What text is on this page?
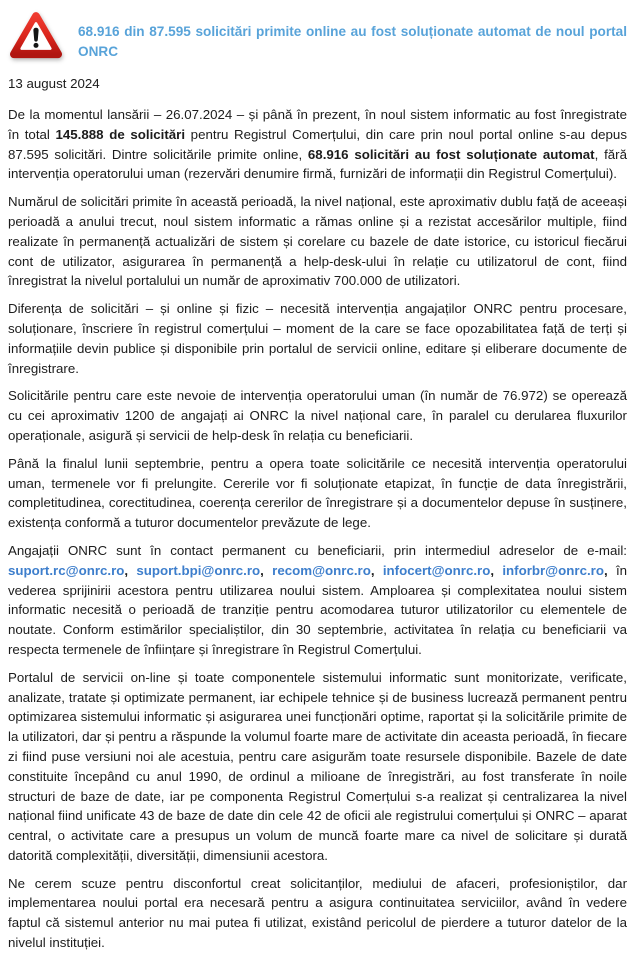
68.916 din 87.595 solicitări primite online au fost soluționate automat de noul portal ONRC
13 august 2024

De la momentul lansării – 26.07.2024 – și până în prezent, în noul sistem informatic au fost înregistrate în total 145.888 de solicitări pentru Registrul Comerțului, din care prin noul portal online s-au depus 87.595 solicitări. Dintre solicitările primite online, 68.916 solicitări au fost soluționate automat, fără intervenția operatorului uman (rezervări denumire firmă, furnizări de informații din Registrul Comerțului).

Numărul de solicitări primite în această perioadă, la nivel național, este aproximativ dublu față de aceeași perioadă a anului trecut, noul sistem informatic a rămas online și a rezistat accesărilor multiple, fiind realizate în permanență actualizări de sistem și corelare cu bazele de date istorice, cu istoricul fiecărui cont de utilizator, asigurarea în permanență a help-desk-ului în relație cu utilizatorul de cont, fiind înregistrat la nivelul portalului un număr de aproximativ 700.000 de utilizatori.

Diferența de solicitări – și online și fizic – necesită intervenția angajaților ONRC pentru procesare, soluționare, înscriere în registrul comerțului – moment de la care se face opozabilitatea față de terți și informațiile devin publice și disponibile prin portalul de servicii online, editare și eliberare documente de înregistrare.

Solicitările pentru care este nevoie de intervenția operatorului uman (în număr de 76.972) se operează cu cei aproximativ 1200 de angajați ai ONRC la nivel național care, în paralel cu derularea fluxurilor operaționale, asigură și servicii de help-desk în relația cu beneficiarii.

Până la finalul lunii septembrie, pentru a opera toate solicitările ce necesită intervenția operatorului uman, termenele vor fi prelungite. Cererile vor fi soluționate etapizat, în funcție de data înregistrării, completitudinea, corectitudinea, coerența cererilor de înregistrare și a documentelor depuse în susținere, existența conformă a tuturor documentelor prevăzute de lege.

Angajații ONRC sunt în contact permanent cu beneficiarii, prin intermediul adreselor de e-mail: suport.rc@onrc.ro, suport.bpi@onrc.ro, recom@onrc.ro, infocert@onrc.ro, inforbr@onrc.ro, în vederea sprijinirii acestora pentru utilizarea noului sistem. Amploarea și complexitatea noului sistem informatic necesită o perioadă de tranziție pentru acomodarea tuturor utilizatorilor cu elementele de noutate. Conform estimărilor specialiștilor, din 30 septembrie, activitatea în relația cu beneficiarii va respecta termenele de înființare și înregistrare în Registrul Comerțului.

Portalul de servicii on-line și toate componentele sistemului informatic sunt monitorizate, verificate, analizate, tratate și optimizate permanent, iar echipele tehnice și de business lucrează permanent pentru optimizarea sistemului informatic și asigurarea unei funcționări optime, raportat și la solicitările primite de la utilizatori, dar și pentru a răspunde la volumul foarte mare de activitate din aceasta perioadă, în fiecare zi fiind puse versiuni noi ale acestuia, pentru care asigurăm toate resursele disponibile. Bazele de date constituite începând cu anul 1990, de ordinul a milioane de înregistrări, au fost transferate în noile structuri de baze de date, iar pe componenta Registrul Comerțului s-a realizat și centralizarea la nivel național fiind unificate 43 de baze de date din cele 42 de oficii ale registrului comerțului și ONRC – aparat central, o activitate care a presupus un volum de muncă foarte mare ca nivel de solicitare și durată datorită complexității, diversității, dimensiunii acestora.

Ne cerem scuze pentru disconfortul creat solicitanților, mediului de afaceri, profesioniștilor, dar implementarea noului portal era necesară pentru a asigura continuitatea serviciilor, având în vedere faptul că sistemul anterior nu mai putea fi utilizat, existând pericolul de pierdere a tuturor datelor de la nivelul instituției.
